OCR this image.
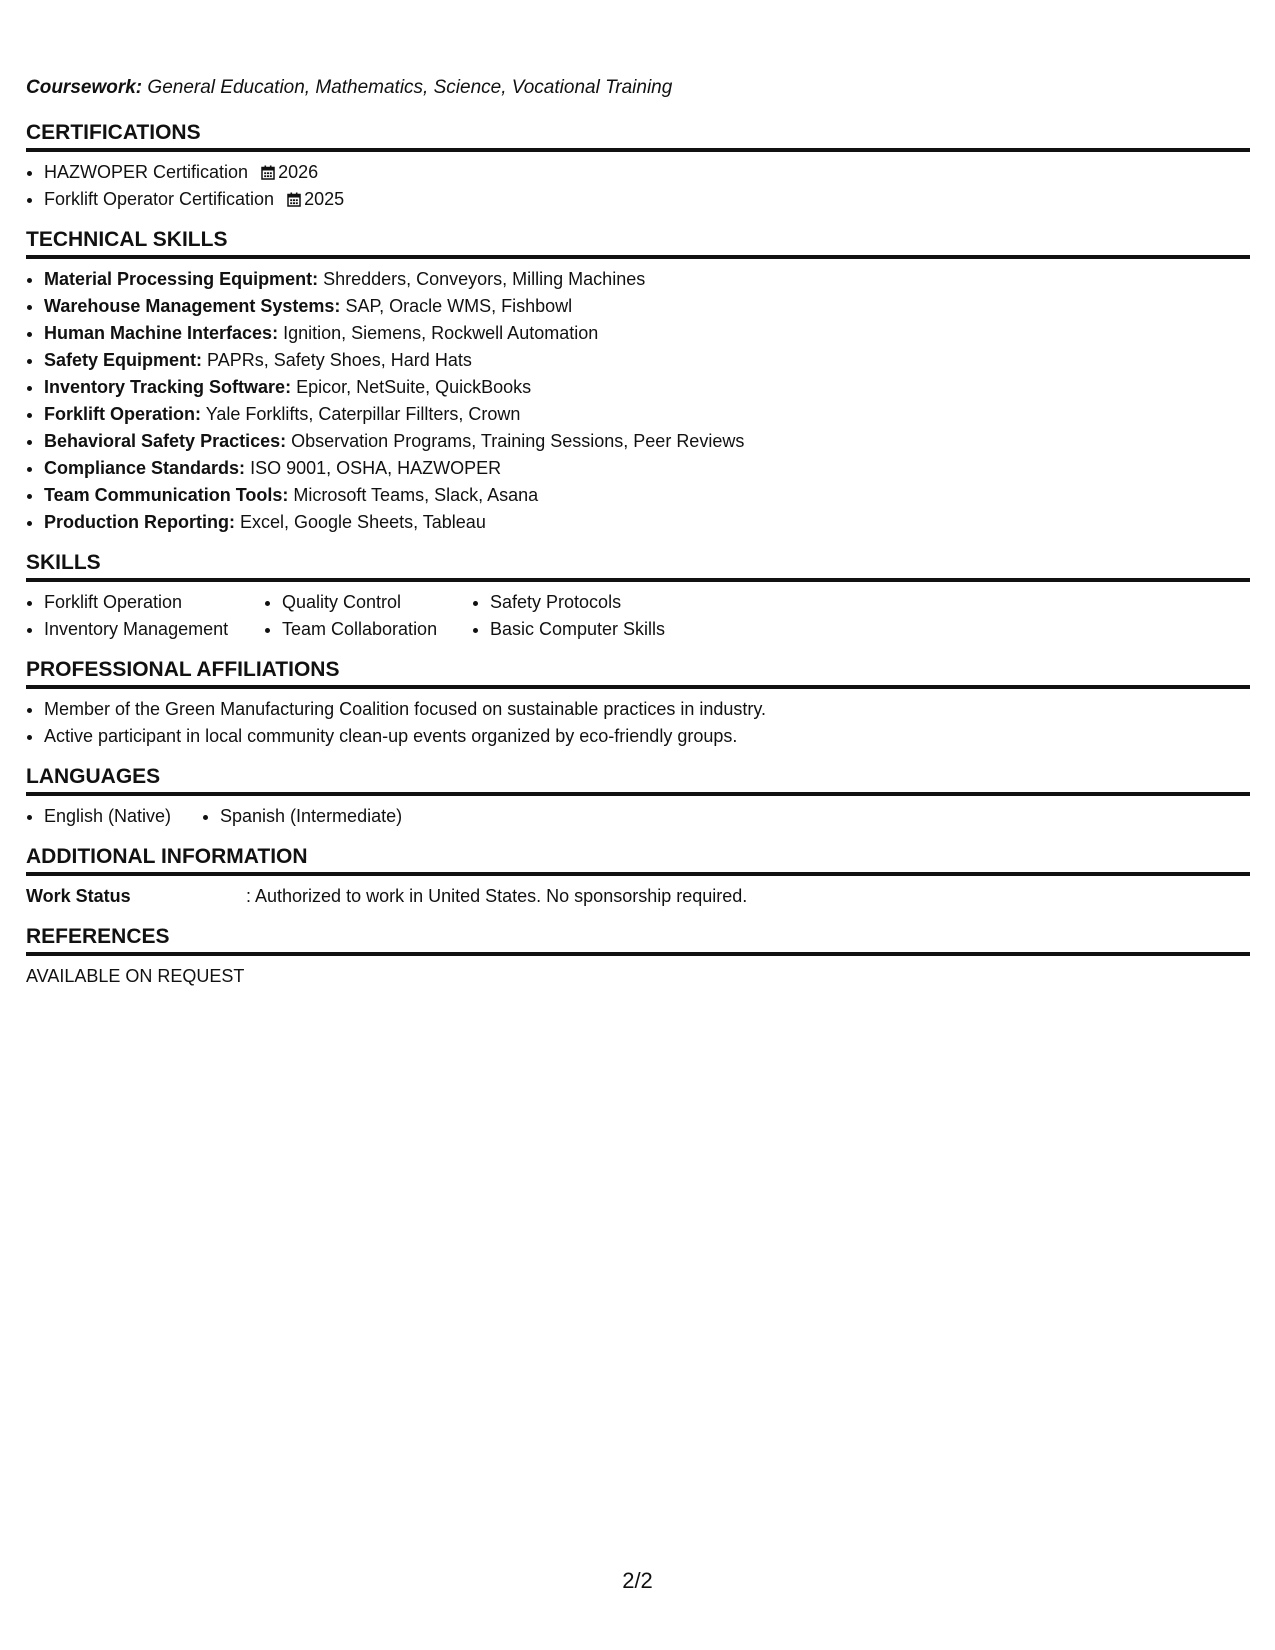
Coursework: General Education, Mathematics, Science, Vocational Training
CERTIFICATIONS
• HAZWOPER Certification 2026
• Forklift Operator Certification 2025
TECHNICAL SKILLS
• Material Processing Equipment: Shredders, Conveyors, Milling Machines
• Warehouse Management Systems: SAP, Oracle WMS, Fishbowl
• Human Machine Interfaces: Ignition, Siemens, Rockwell Automation
• Safety Equipment: PAPRs, Safety Shoes, Hard Hats
• Inventory Tracking Software: Epicor, NetSuite, QuickBooks
• Forklift Operation: Yale Forklifts, Caterpillar Fillters, Crown
• Behavioral Safety Practices: Observation Programs, Training Sessions, Peer Reviews
• Compliance Standards: ISO 9001, OSHA, HAZWOPER
• Team Communication Tools: Microsoft Teams, Slack, Asana
• Production Reporting: Excel, Google Sheets, Tableau
SKILLS
• Forklift Operation
• Inventory Management
• Quality Control
• Team Collaboration
• Safety Protocols
• Basic Computer Skills
PROFESSIONAL AFFILIATIONS
• Member of the Green Manufacturing Coalition focused on sustainable practices in industry.
• Active participant in local community clean-up events organized by eco-friendly groups.
LANGUAGES
• English (Native)
•	Spanish (Intermediate)
ADDITIONAL INFORMATION
Work Status	: Authorized to work in United States. No sponsorship required.
REFERENCES
AVAILABLE ON REQUEST
2/2
